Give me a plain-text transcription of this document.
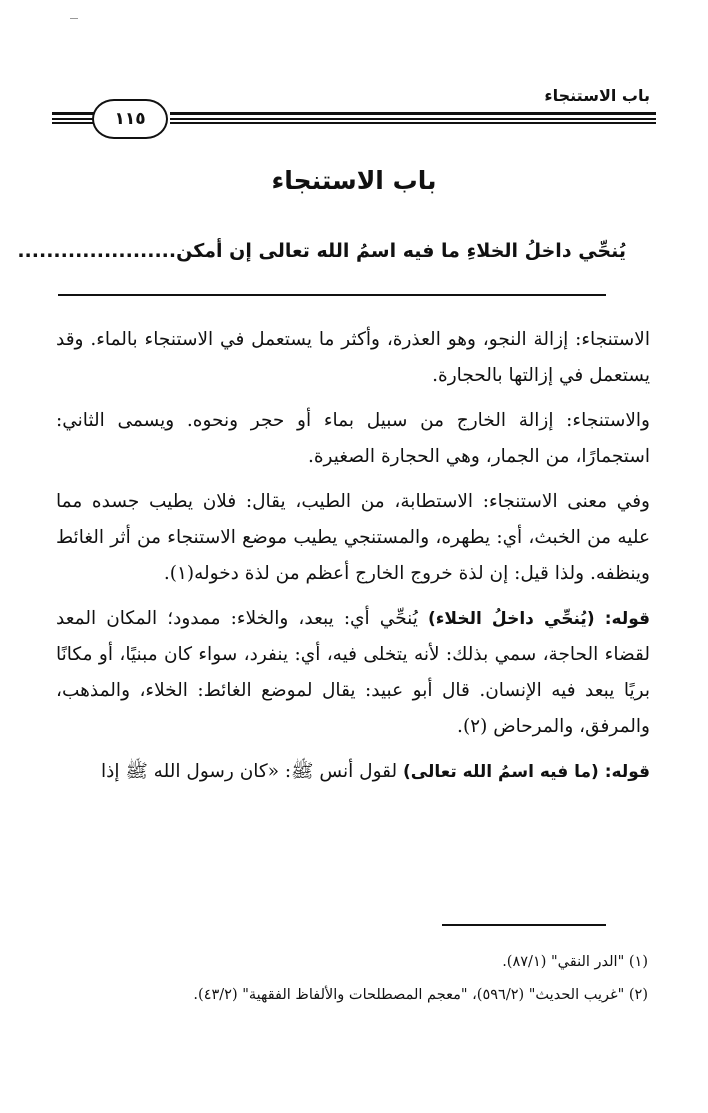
باب الاستنجاء
١١٥
باب الاستنجاء
يُنحِّي داخلُ الخلاءِ ما فيه اسمُ الله تعالى إن أمكن......................

الاستنجاء: إزالة النجو، وهو العذرة، وأكثر ما يستعمل في الاستنجاء بالماء. وقد يستعمل في إزالتها بالحجارة.

والاستنجاء: إزالة الخارج من سبيل بماء أو حجر ونحوه. ويسمى الثاني: استجمارًا، من الجمار، وهي الحجارة الصغيرة.

وفي معنى الاستنجاء: الاستطابة، من الطيب، يقال: فلان يطيب جسده مما عليه من الخبث، أي: يطهره، والمستنجي يطيب موضع الاستنجاء من أثر الغائط وينظفه. ولذا قيل: إن لذة خروج الخارج أعظم من لذة دخوله(١).

قوله: (يُنحِّي داخلُ الخلاء) يُنحِّي أي: يبعد، والخلاء: ممدود؛ المكان المعد لقضاء الحاجة، سمي بذلك: لأنه يتخلى فيه، أي: ينفرد، سواء كان مبنيًا، أو مكانًا بريًا يبعد فيه الإنسان. قال أبو عبيد: يقال لموضع الغائط: الخلاء، والمذهب، والمرفق، والمرحاض (٢).

قوله: (ما فيه اسمُ الله تعالى) لقول أنس ﷺ: «كان رسول الله ﷺ إذا

(١) "الدر النقي" (٨٧/١).
(٢) "غريب الحديث" (٥٩٦/٢)، "معجم المصطلحات والألفاظ الفقهية" (٤٣/٢).
